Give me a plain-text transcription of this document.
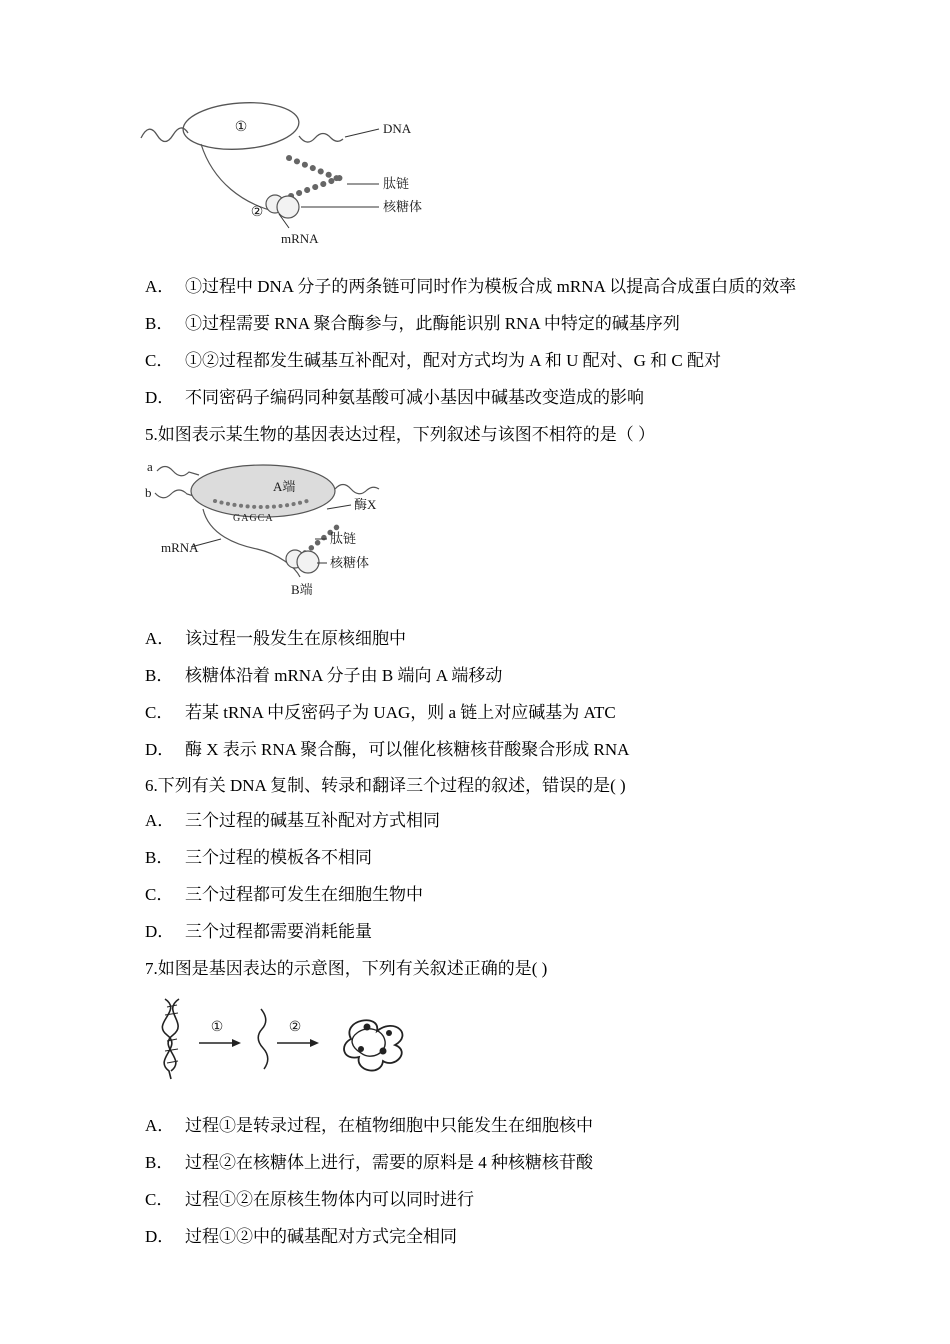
①	DNA
肽链
核糖体
②
mRNA
A． ①过程中 DNA 分子的两条链可同时作为模板合成 mRNA 以提高合成蛋白质的效率
B． ①过程需要 RNA 聚合酶参与，此酶能识别 RNA 中特定的碱基序列
C． ①②过程都发生碱基互补配对，配对方式均为 A 和 U 配对、G 和 C 配对
D． 不同密码子编码同种氨基酸可减小基因中碱基改变造成的影响

5.如图表示某生物的基因表达过程，下列叙述与该图不相符的是（ ）

a
b	A端
酶X
GAGCA
mRNA
肽链
核糖体
B端
A． 该过程一般发生在原核细胞中
B． 核糖体沿着 mRNA 分子由 B 端向 A 端移动
C． 若某 tRNA 中反密码子为 UAG，则 a 链上对应碱基为 ATC
D． 酶 X 表示 RNA 聚合酶，可以催化核糖核苷酸聚合形成 RNA

6.下列有关 DNA 复制、转录和翻译三个过程的叙述，错误的是( )

A． 三个过程的碱基互补配对方式相同
B． 三个过程的模板各不相同
C． 三个过程都可发生在细胞生物中
D． 三个过程都需要消耗能量

7.如图是基因表达的示意图，下列有关叙述正确的是( )

①	②
A． 过程①是转录过程，在植物细胞中只能发生在细胞核中
B． 过程②在核糖体上进行，需要的原料是 4 种核糖核苷酸
C． 过程①②在原核生物体内可以同时进行
D． 过程①②中的碱基配对方式完全相同
